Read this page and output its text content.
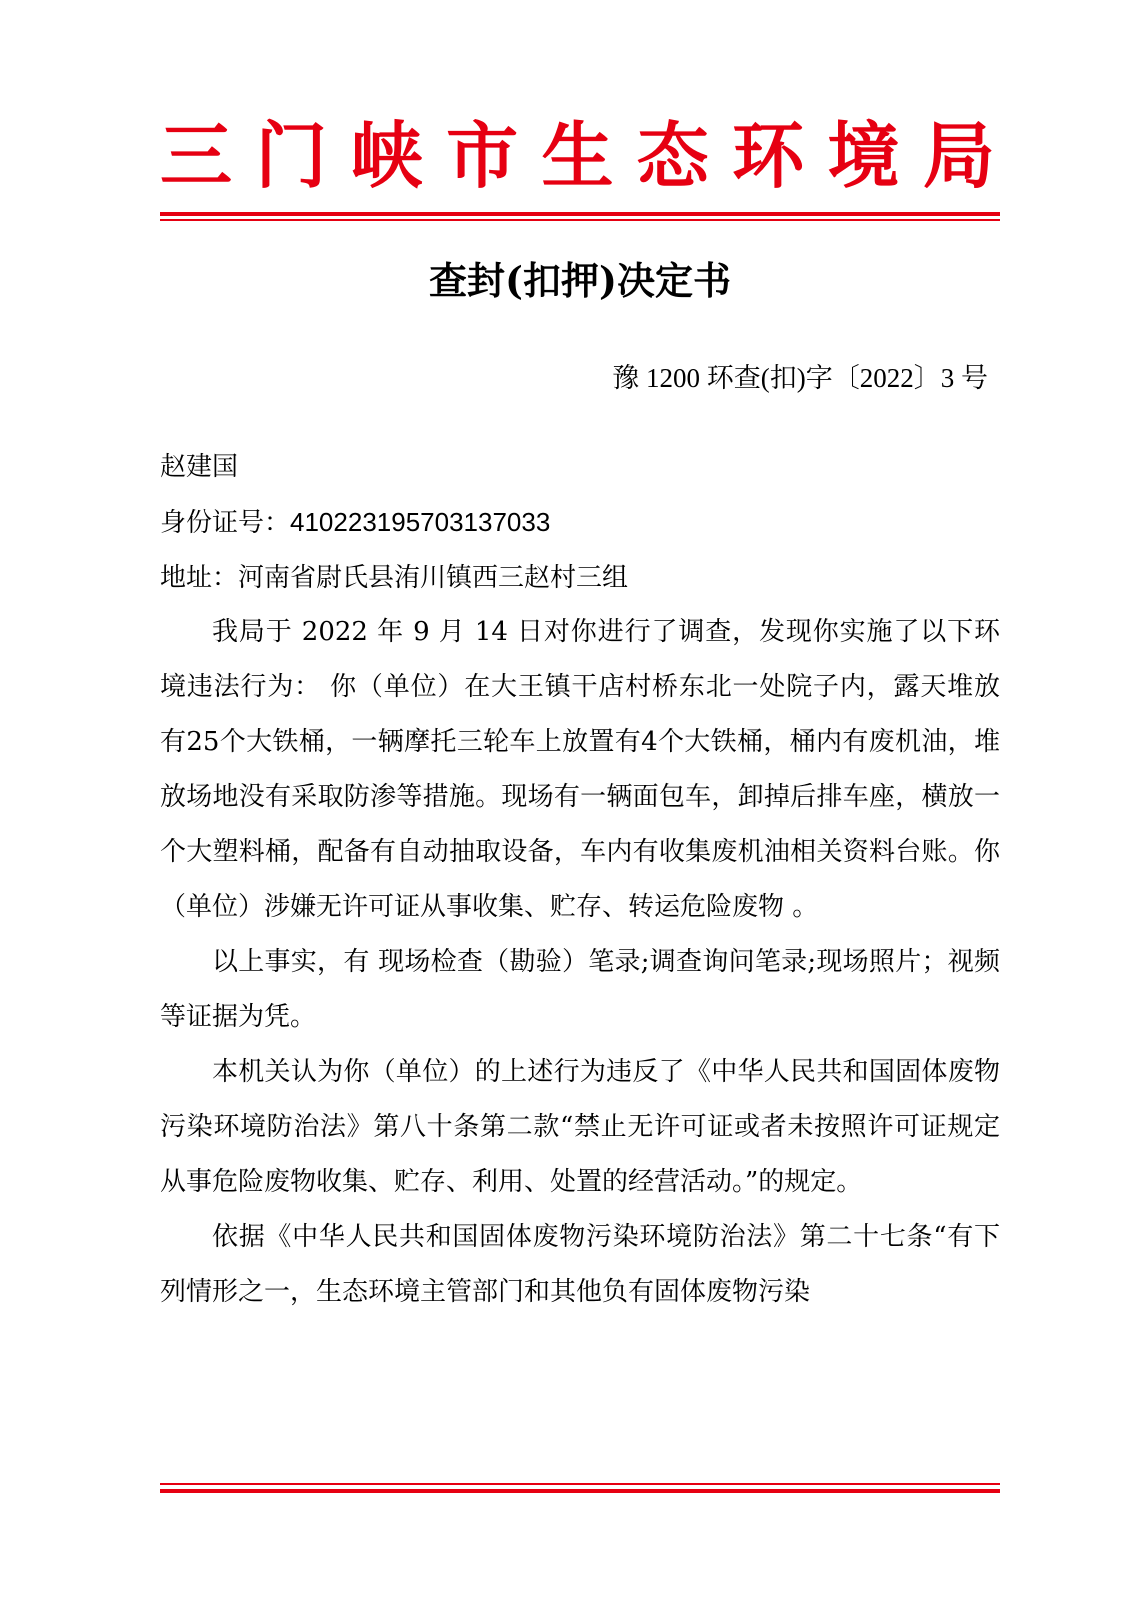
三 门 峡 市 生 态 环 境 局
查封(扣押)决定书
豫 1200 环查(扣)字〔2022〕3 号
赵建国
身份证号：410223195703137033
地址：河南省尉氏县洧川镇西三赵村三组

我局于 2022 年 9 月 14 日对你进行了调查，发现你实施了以下环境违法行为： 你（单位）在大王镇干店村桥东北一处院子内，露天堆放有25个大铁桶，一辆摩托三轮车上放置有4个大铁桶，桶内有废机油，堆放场地没有采取防渗等措施。现场有一辆面包车，卸掉后排车座，横放一个大塑料桶，配备有自动抽取设备，车内有收集废机油相关资料台账。你（单位）涉嫌无许可证从事收集、贮存、转运危险废物 。

以上事实，有 现场检查（勘验）笔录;调查询问笔录;现场照片；视频 等证据为凭。

本机关认为你（单位）的上述行为违反了《中华人民共和国固体废物污染环境防治法》第八十条第二款“禁止无许可证或者未按照许可证规定从事危险废物收集、贮存、利用、处置的经营活动。”的规定。

依据《中华人民共和国固体废物污染环境防治法》第二十七条“有下列情形之一，生态环境主管部门和其他负有固体废物污染
